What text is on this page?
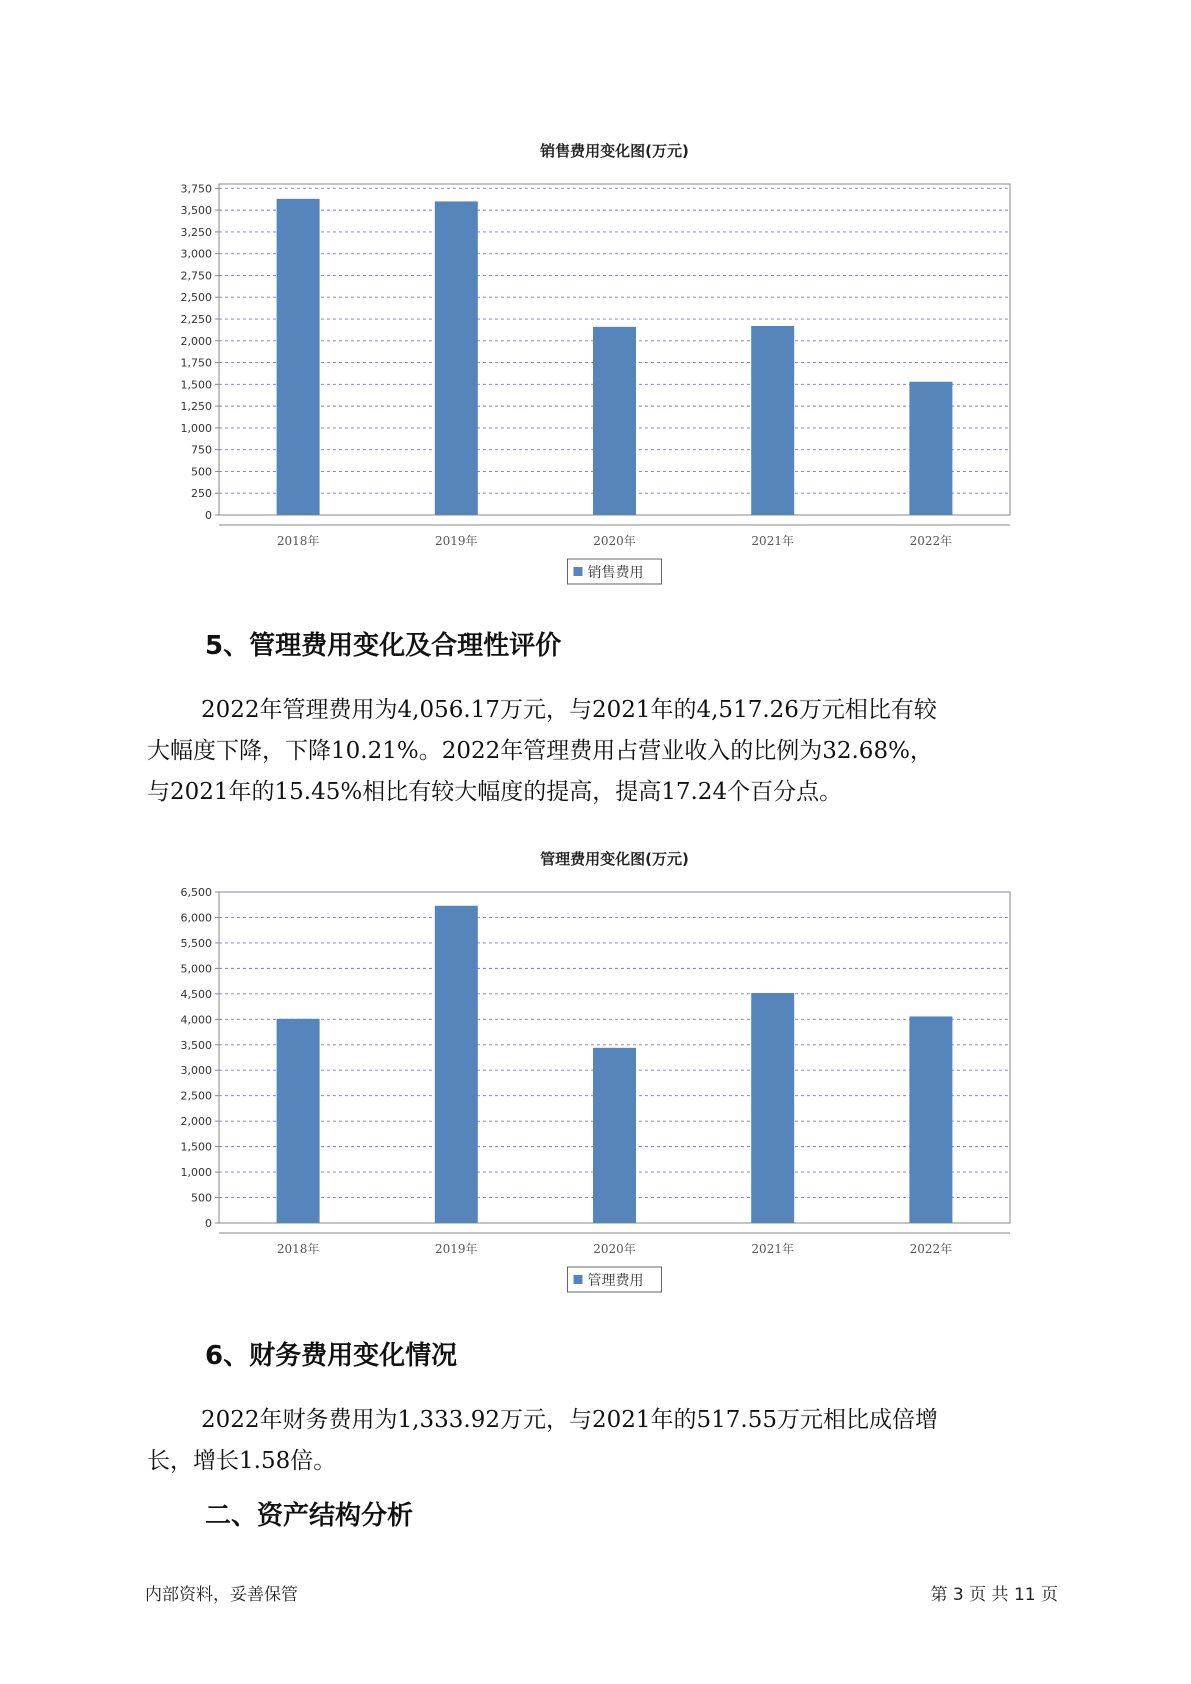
销售费用变化图(万元)
0
250
500
750
1,000
1,250
1,500
1,750
2,000
2,250
2,500
2,750
3,000
3,250
3,500
3,750
2018年	2019年	2020年	2021年	2022年
销售费用
5、管理费用变化及合理性评价

2022年管理费用为4,056.17万元，与2021年的4,517.26万元相比有较

大幅度下降，下降10.21%。2022年管理费用占营业收入的比例为32.68%，

与2021年的15.45%相比有较大幅度的提高，提高17.24个百分点。

管理费用变化图(万元)
0
500
1,000
1,500
2,000
2,500
3,000
3,500
4,000
4,500
5,000
5,500
6,000
6,500
2018年	2019年	2020年	2021年	2022年
管理费用
6、财务费用变化情况

2022年财务费用为1,333.92万元，与2021年的517.55万元相比成倍增

长，增长1.58倍。

二、资产结构分析
内部资料，妥善保管	第 3 页 共 11 页
